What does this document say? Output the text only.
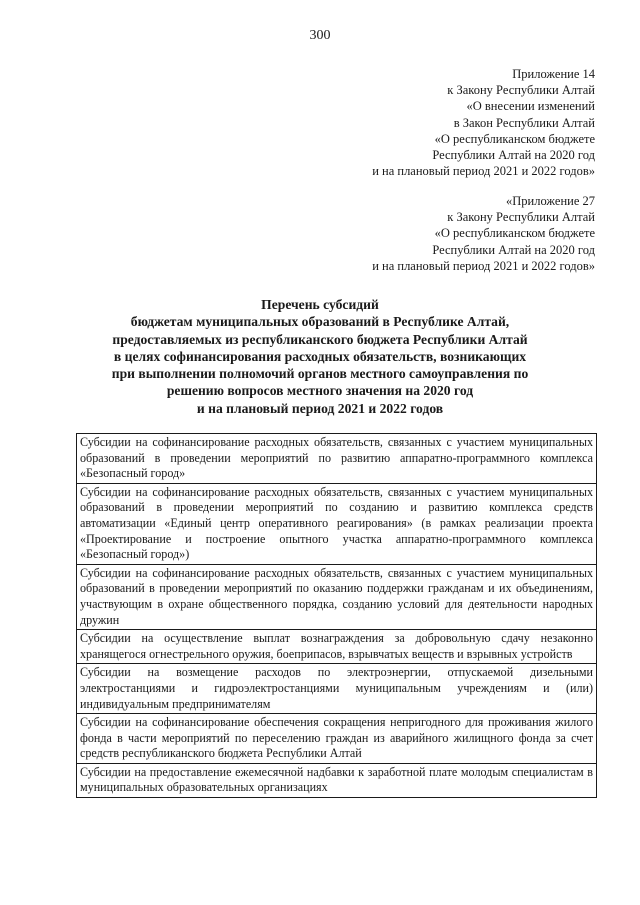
300
Приложение 14
к Закону Республики Алтай
«О внесении изменений
в Закон Республики Алтай
«О республиканском бюджете
Республики Алтай на 2020 год
и на плановый период 2021 и 2022 годов»
«Приложение 27
к Закону Республики Алтай
«О республиканском бюджете
Республики Алтай на 2020 год
и на плановый период 2021 и 2022 годов»
Перечень субсидий
бюджетам муниципальных образований в Республике Алтай,
предоставляемых из республиканского бюджета Республики Алтай
в целях софинансирования расходных обязательств, возникающих
при выполнении полномочий органов местного самоуправления по
решению вопросов местного значения на 2020 год
и на плановый период 2021 и 2022 годов
Субсидии на софинансирование расходных обязательств, связанных с участием муниципальных образований в проведении мероприятий по развитию аппаратно-программного комплекса «Безопасный город»
Субсидии на софинансирование расходных обязательств, связанных с участием муниципальных образований в проведении мероприятий по созданию и развитию комплекса средств автоматизации «Единый центр оперативного реагирования» (в рамках реализации проекта «Проектирование и построение опытного участка аппаратно-программного комплекса «Безопасный город»)
Субсидии на софинансирование расходных обязательств, связанных с участием муниципальных образований в проведении мероприятий по оказанию поддержки гражданам и их объединениям, участвующим в охране общественного порядка, созданию условий для деятельности народных дружин
Субсидии на осуществление выплат вознаграждения за добровольную сдачу незаконно хранящегося огнестрельного оружия, боеприпасов, взрывчатых веществ и взрывных устройств
Субсидии на возмещение расходов по электроэнергии, отпускаемой дизельными электростанциями и гидроэлектростанциями муниципальным учреждениям и (или) индивидуальным предпринимателям
Субсидии на софинансирование обеспечения сокращения непригодного для проживания жилого фонда в части мероприятий по переселению граждан из аварийного жилищного фонда за счет средств республиканского бюджета Республики Алтай
Субсидии на предоставление ежемесячной надбавки к заработной плате молодым специалистам в муниципальных образовательных организациях
